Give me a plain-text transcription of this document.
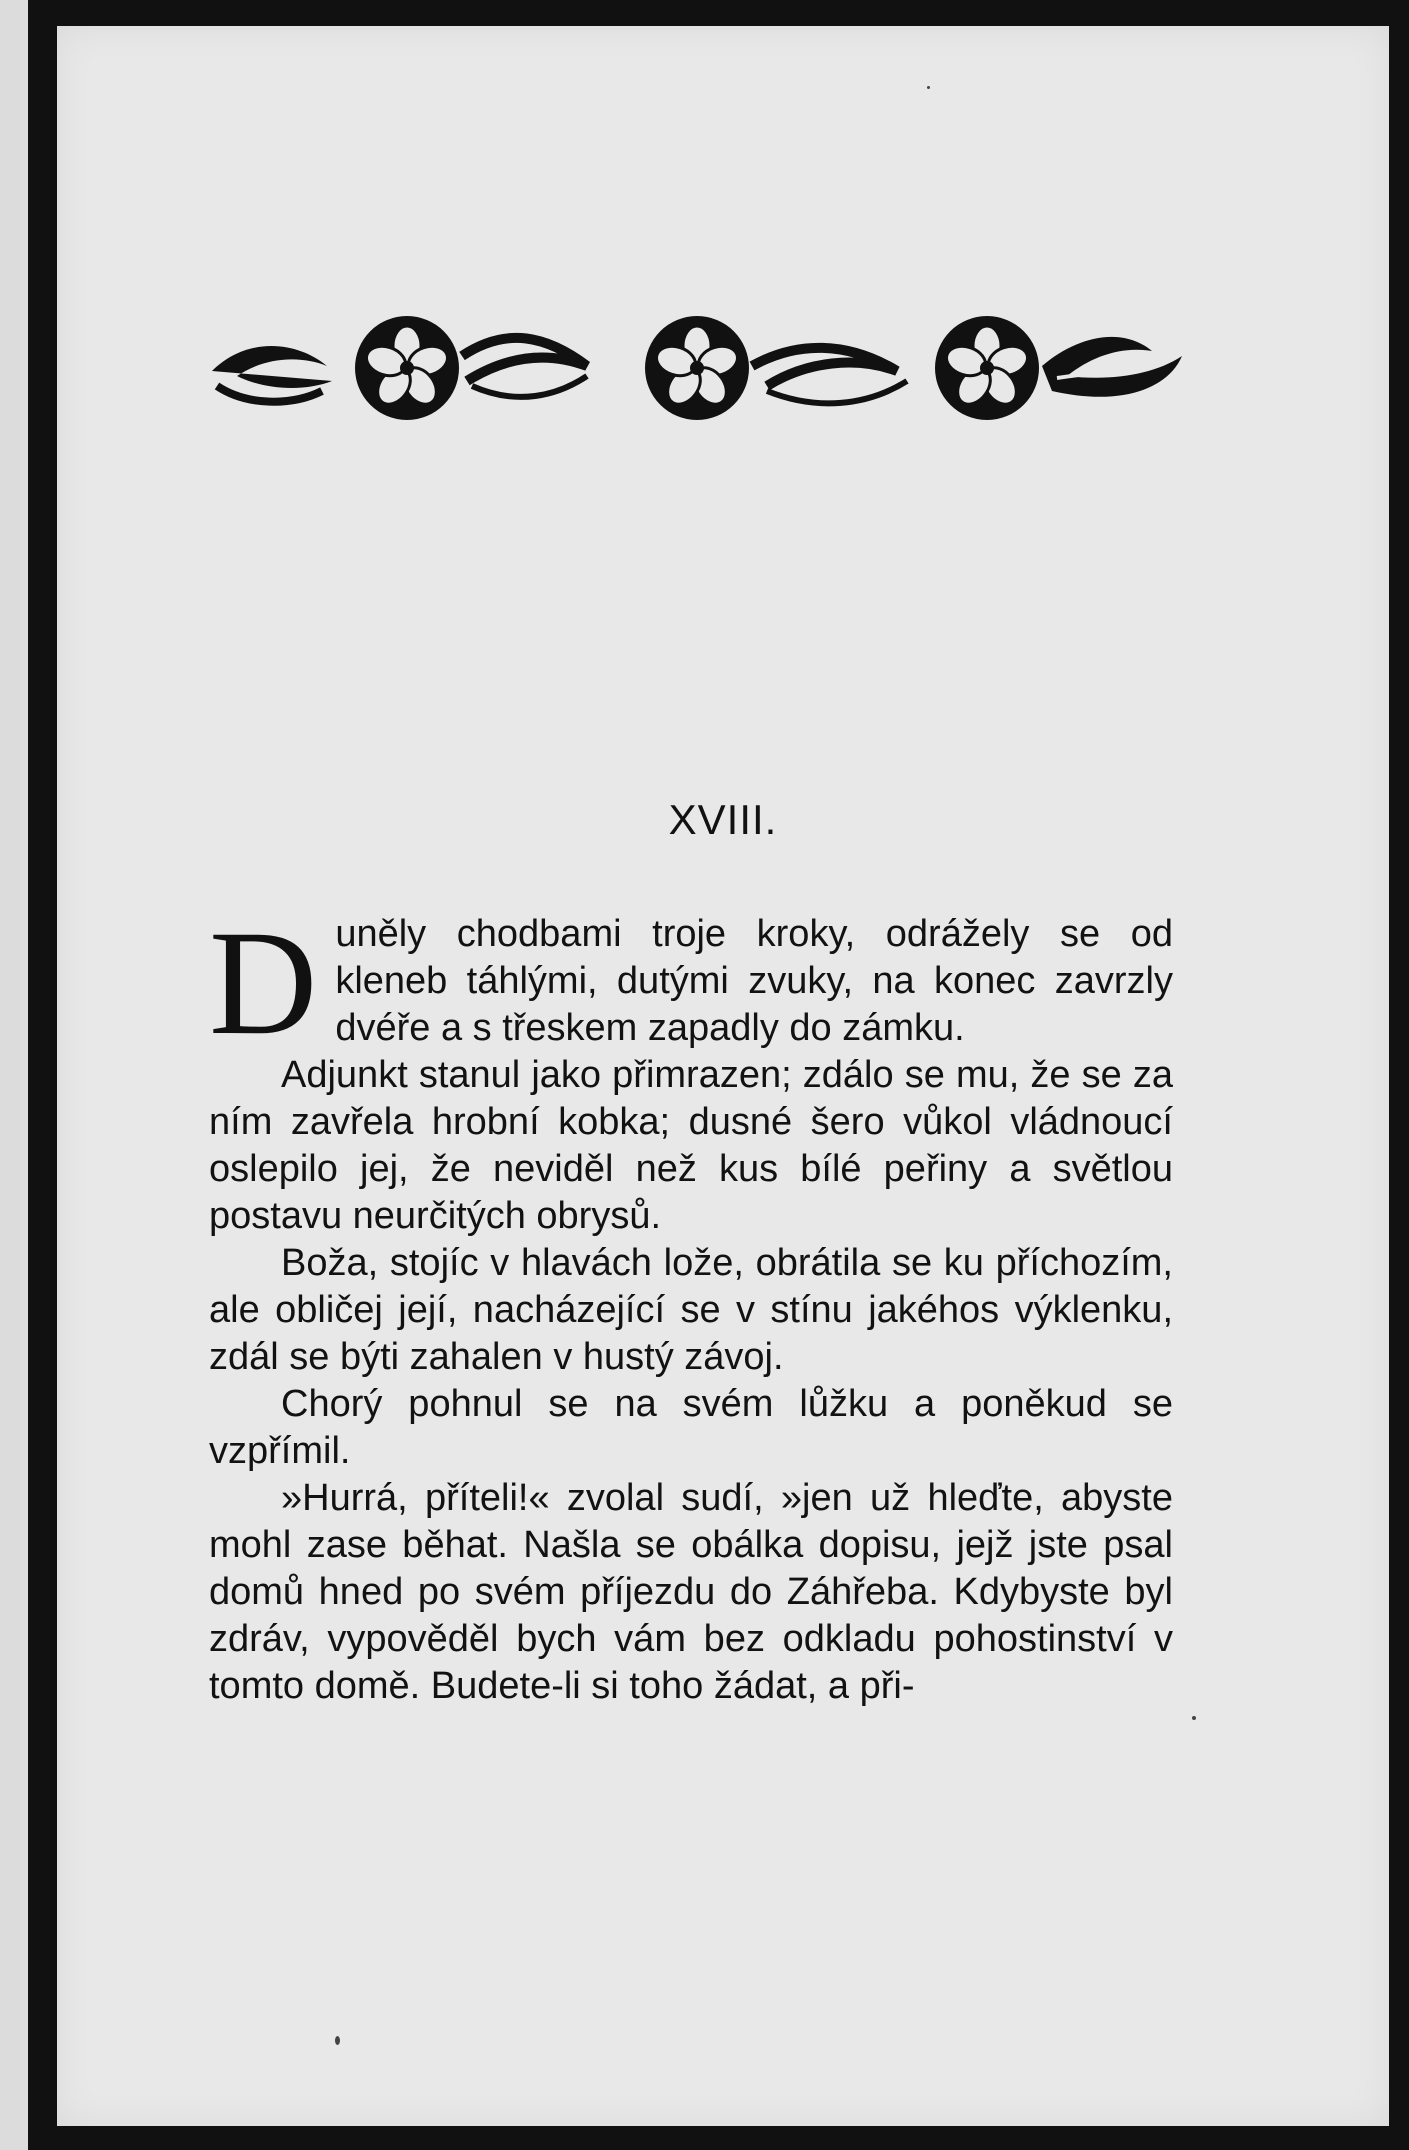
XVIII.

Duněly chodbami troje kroky, odrážely se od kleneb táhlými, dutými zvuky, na konec zavrzly dvéře a s třeskem zapadly do zámku.

Adjunkt stanul jako přimrazen; zdálo se mu, že se za ním zavřela hrobní kobka; dusné šero vůkol vládnoucí oslepilo jej, že neviděl než kus bílé peřiny a světlou postavu neurčitých obrysů.

Boža, stojíc v hlavách lože, obrátila se ku příchozím, ale obličej její, nacházející se v stínu jakéhos výklenku, zdál se býti zahalen v hustý závoj.

Chorý pohnul se na svém lůžku a poněkud se vzpřímil.

»Hurrá, příteli!« zvolal sudí, »jen už hleďte, abyste mohl zase běhat. Našla se obálka dopisu, jejž jste psal domů hned po svém příjezdu do Záhřeba. Kdybyste byl zdráv, vypověděl bych vám bez odkladu pohostinství v tomto domě. Budete-li si toho žádat, a při-
